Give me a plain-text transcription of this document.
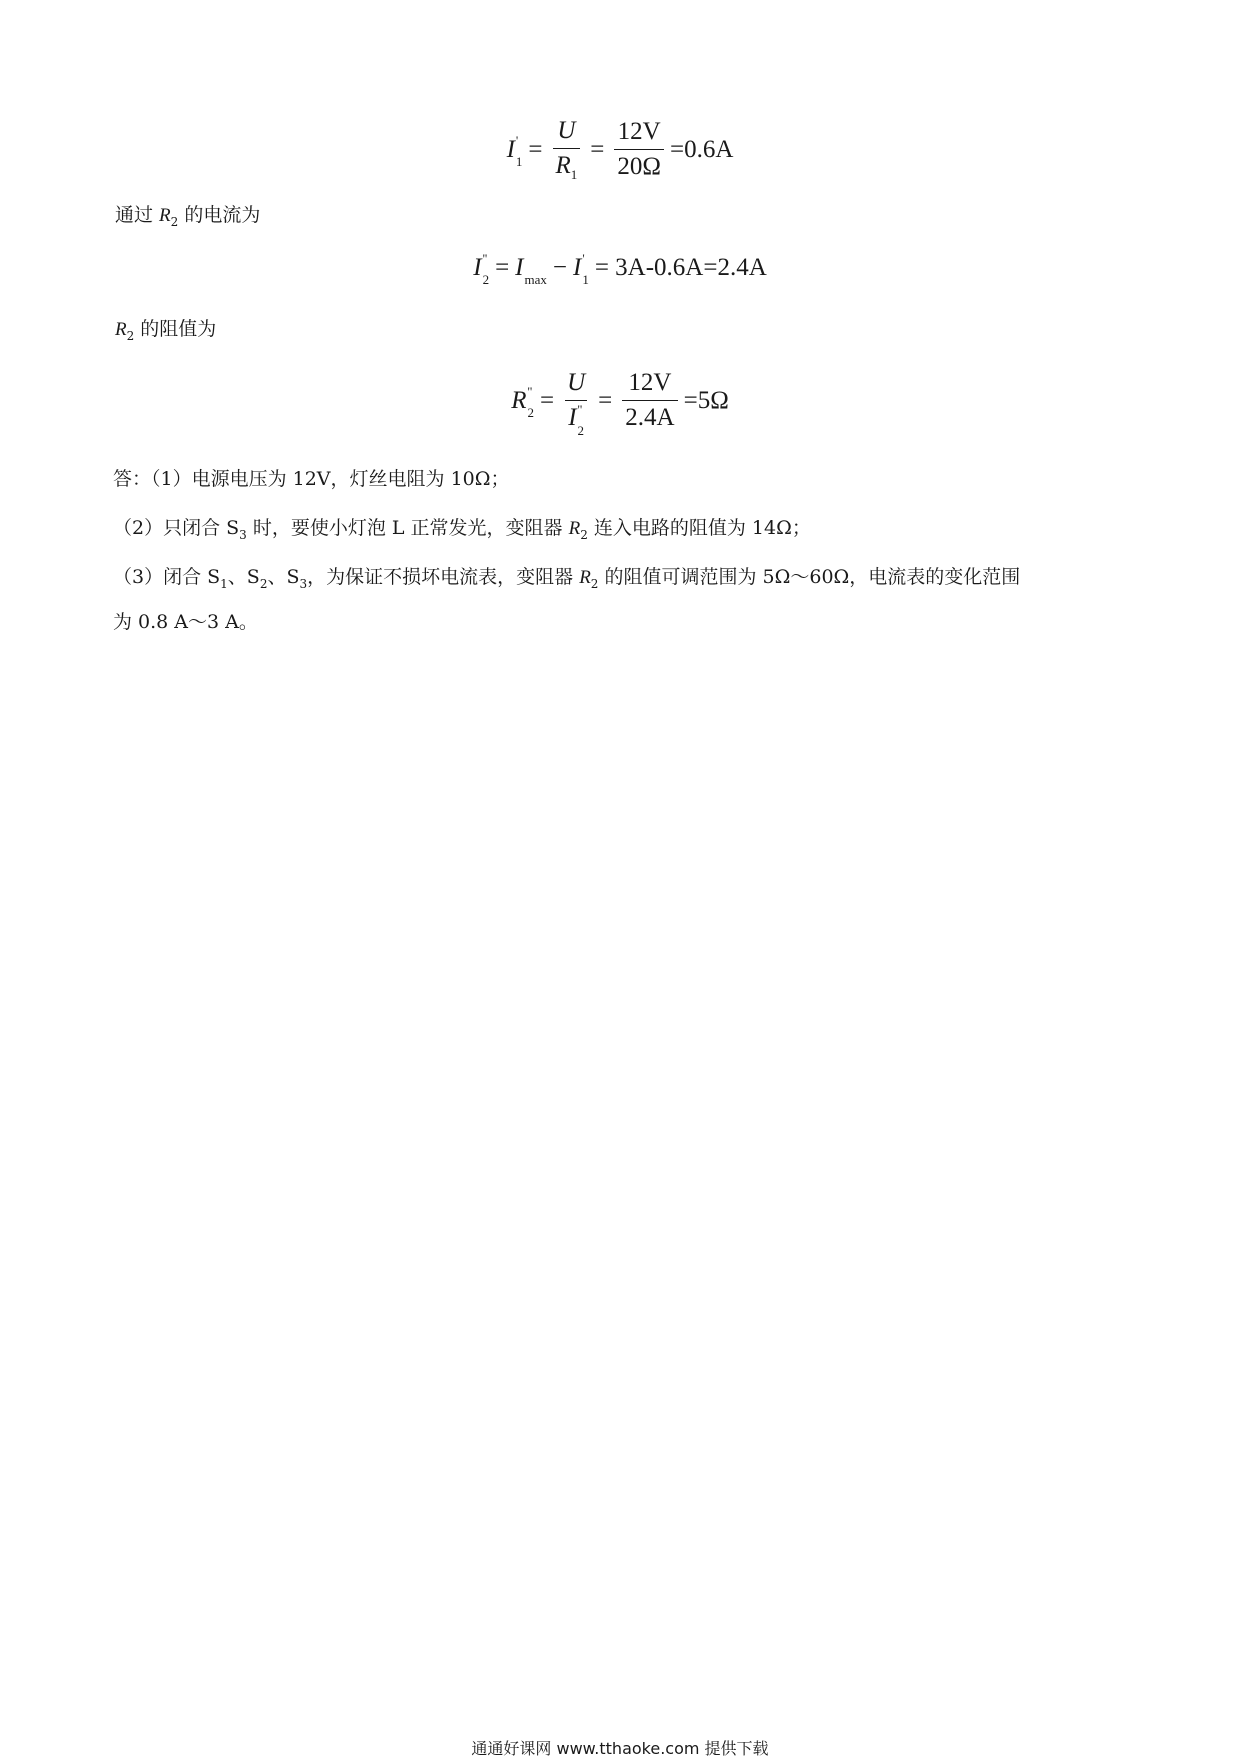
I '
$1 = \frac{U}{R_1} = \frac{12V}{20\Omega} =0.6A$
通过 $R_2$ 的电流为
I ''
2 = I
max − I '
1 = 3A-0.6A=2.4A
$R_2$ 的阻值为
R ''
2 = U
I ''
$2 = \frac{12V}{2.4A} =5\Omega$
答：（1）电源电压为 12V，灯丝电阻为 10Ω；
（2）只闭合 $S_3$ 时，要使小灯泡 L 正常发光，变阻器 $R_2$ 连入电路的阻值为 14Ω；
（3）闭合 $S_1$、$S_2$、$S_3$，为保证不损坏电流表，变阻器 $R_2$ 的阻值可调范围为 5Ω～60Ω，电流表的变化范围
为 0.8 A～3 A。
通通好课网 www.tthaoke.com 提供下载
